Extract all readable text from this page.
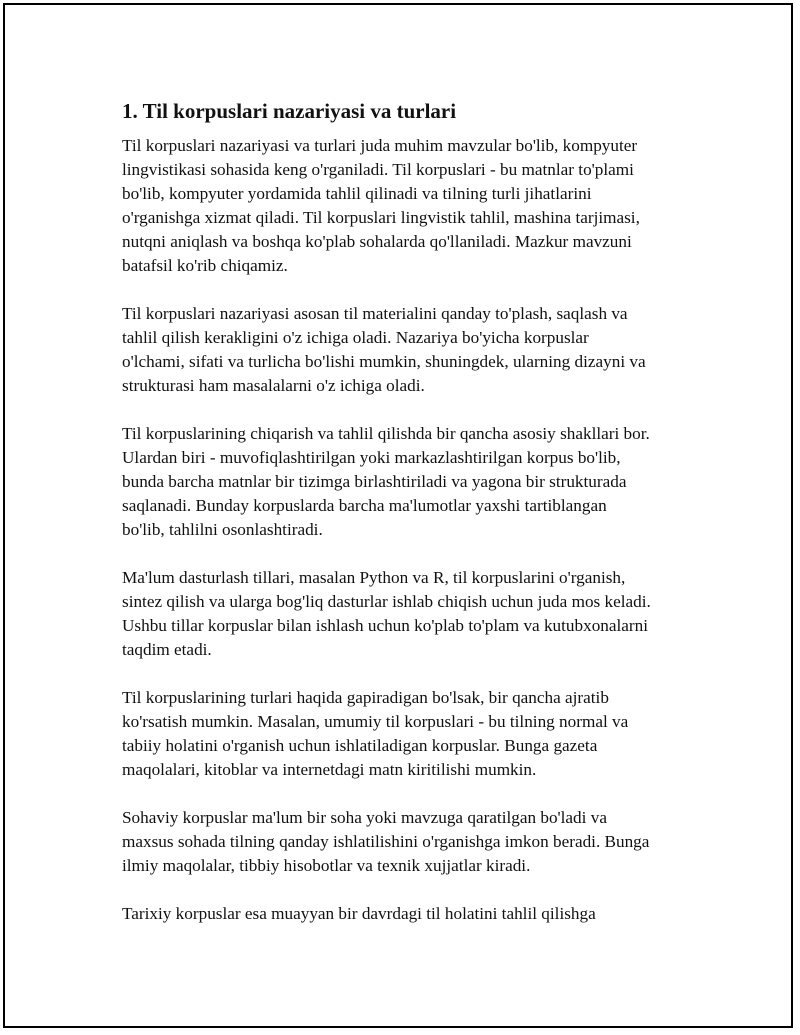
1. Til korpuslari nazariyasi va turlari

Til korpuslari nazariyasi va turlari juda muhim mavzular bo'lib, kompyuter
lingvistikasi sohasida keng o'rganiladi. Til korpuslari - bu matnlar to'plami
bo'lib, kompyuter yordamida tahlil qilinadi va tilning turli jihatlarini
o'rganishga xizmat qiladi. Til korpuslari lingvistik tahlil, mashina tarjimasi,
nutqni aniqlash va boshqa ko'plab sohalarda qo'llaniladi. Mazkur mavzuni
batafsil ko'rib chiqamiz.

Til korpuslari nazariyasi asosan til materialini qanday to'plash, saqlash va
tahlil qilish kerakligini o'z ichiga oladi. Nazariya bo'yicha korpuslar
o'lchami, sifati va turlicha bo'lishi mumkin, shuningdek, ularning dizayni va
strukturasi ham masalalarni o'z ichiga oladi.

Til korpuslarining chiqarish va tahlil qilishda bir qancha asosiy shakllari bor.
Ulardan biri - muvofiqlashtirilgan yoki markazlashtirilgan korpus bo'lib,
bunda barcha matnlar bir tizimga birlashtiriladi va yagona bir strukturada
saqlanadi. Bunday korpuslarda barcha ma'lumotlar yaxshi tartiblangan
bo'lib, tahlilni osonlashtiradi.

Ma'lum dasturlash tillari, masalan Python va R, til korpuslarini o'rganish,
sintez qilish va ularga bog'liq dasturlar ishlab chiqish uchun juda mos keladi.
Ushbu tillar korpuslar bilan ishlash uchun ko'plab to'plam va kutubxonalarni
taqdim etadi.

Til korpuslarining turlari haqida gapiradigan bo'lsak, bir qancha ajratib
ko'rsatish mumkin. Masalan, umumiy til korpuslari - bu tilning normal va
tabiiy holatini o'rganish uchun ishlatiladigan korpuslar. Bunga gazeta
maqolalari, kitoblar va internetdagi matn kiritilishi mumkin.

Sohaviy korpuslar ma'lum bir soha yoki mavzuga qaratilgan bo'ladi va
maxsus sohada tilning qanday ishlatilishini o'rganishga imkon beradi. Bunga
ilmiy maqolalar, tibbiy hisobotlar va texnik xujjatlar kiradi.

Tarixiy korpuslar esa muayyan bir davrdagi til holatini tahlil qilishga
